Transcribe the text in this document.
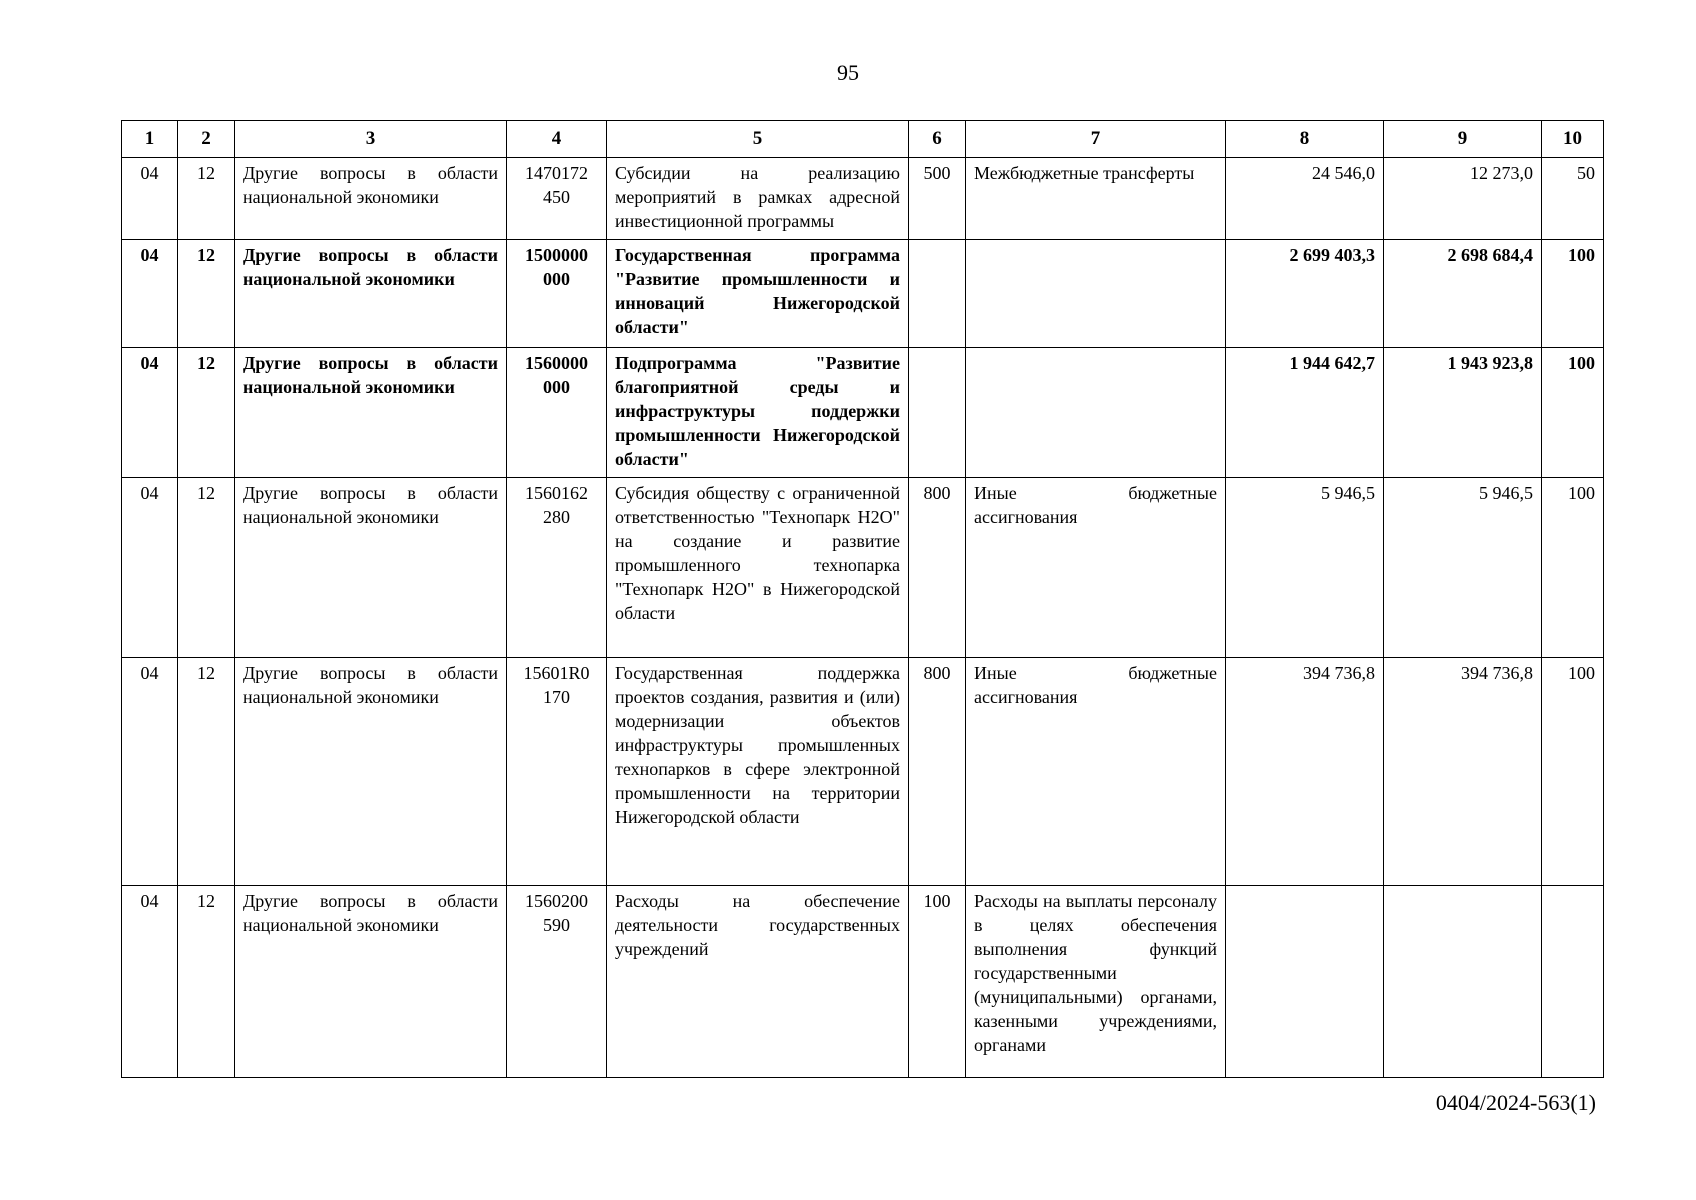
95
1	2	3	4	5	6	7	8	9	10
04	12	Другие вопросы в области национальной экономики	1470172 450	Субсидии на реализацию мероприятий в рамках адресной инвестиционной программы	500	Межбюджетные трансферты	24 546,0	12 273,0	50
04	12	Другие вопросы в области национальной экономики	1500000 000	Государственная программа "Развитие промышленности и инноваций Нижегородской области"			2 699 403,3	2 698 684,4	100
04	12	Другие вопросы в области национальной экономики	1560000 000	Подпрограмма "Развитие благоприятной среды и инфраструктуры поддержки промышленности Нижегородской области"			1 944 642,7	1 943 923,8	100
04	12	Другие вопросы в области национальной экономики	1560162 280	Субсидия обществу с ограниченной ответственностью "Технопарк H2O" на создание и развитие промышленного технопарка "Технопарк H2O" в Нижегородской области	800	Иные бюджетные ассигнования	5 946,5	5 946,5	100
04	12	Другие вопросы в области национальной экономики	15601R0 170	Государственная поддержка проектов создания, развития и (или) модернизации объектов инфраструктуры промышленных технопарков в сфере электронной промышленности на территории Нижегородской области	800	Иные бюджетные ассигнования	394 736,8	394 736,8	100
04	12	Другие вопросы в области национальной экономики	1560200 590	Расходы на обеспечение деятельности государственных учреждений	100	Расходы на выплаты персоналу в целях обеспечения выполнения функций государственными (муниципальными) органами, казенными учреждениями, органами			
0404/2024-563(1)
